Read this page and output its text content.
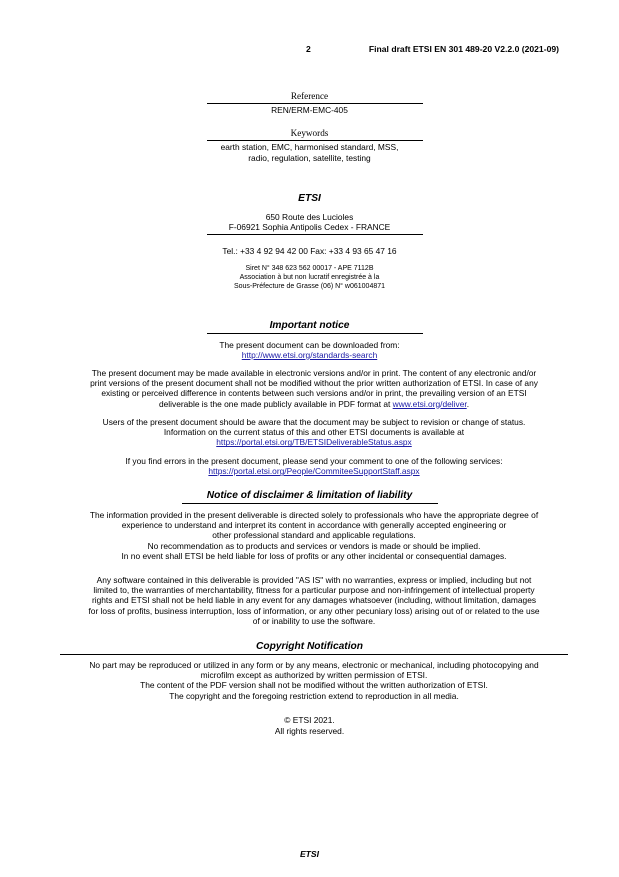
2	Final draft ETSI EN 301 489-20 V2.2.0 (2021-09)
Reference
REN/ERM-EMC-405
Keywords
earth station, EMC, harmonised standard, MSS,
radio, regulation, satellite, testing
ETSI
650 Route des Lucioles
F-06921 Sophia Antipolis Cedex - FRANCE
Tel.: +33 4 92 94 42 00 Fax: +33 4 93 65 47 16
Siret N° 348 623 562 00017 - APE 7112B
Association à but non lucratif enregistrée à la
Sous-Préfecture de Grasse (06) N° w061004871
Important notice
The present document can be downloaded from:
http://www.etsi.org/standards-search
The present document may be made available in electronic versions and/or in print. The content of any electronic and/or
print versions of the present document shall not be modified without the prior written authorization of ETSI. In case of any
existing or perceived difference in contents between such versions and/or in print, the prevailing version of an ETSI
deliverable is the one made publicly available in PDF format at www.etsi.org/deliver.
Users of the present document should be aware that the document may be subject to revision or change of status.
Information on the current status of this and other ETSI documents is available at
https://portal.etsi.org/TB/ETSIDeliverableStatus.aspx
If you find errors in the present document, please send your comment to one of the following services:
https://portal.etsi.org/People/CommiteeSupportStaff.aspx
Notice of disclaimer & limitation of liability
The information provided in the present deliverable is directed solely to professionals who have the appropriate degree of
experience to understand and interpret its content in accordance with generally accepted engineering or
other professional standard and applicable regulations.
No recommendation as to products and services or vendors is made or should be implied.
In no event shall ETSI be held liable for loss of profits or any other incidental or consequential damages.
Any software contained in this deliverable is provided "AS IS" with no warranties, express or implied, including but not
limited to, the warranties of merchantability, fitness for a particular purpose and non-infringement of intellectual property
rights and ETSI shall not be held liable in any event for any damages whatsoever (including, without limitation, damages
for loss of profits, business interruption, loss of information, or any other pecuniary loss) arising out of or related to the use
of or inability to use the software.
Copyright Notification
No part may be reproduced or utilized in any form or by any means, electronic or mechanical, including photocopying and
microfilm except as authorized by written permission of ETSI.
The content of the PDF version shall not be modified without the written authorization of ETSI.
The copyright and the foregoing restriction extend to reproduction in all media.
© ETSI 2021.
All rights reserved.
ETSI
